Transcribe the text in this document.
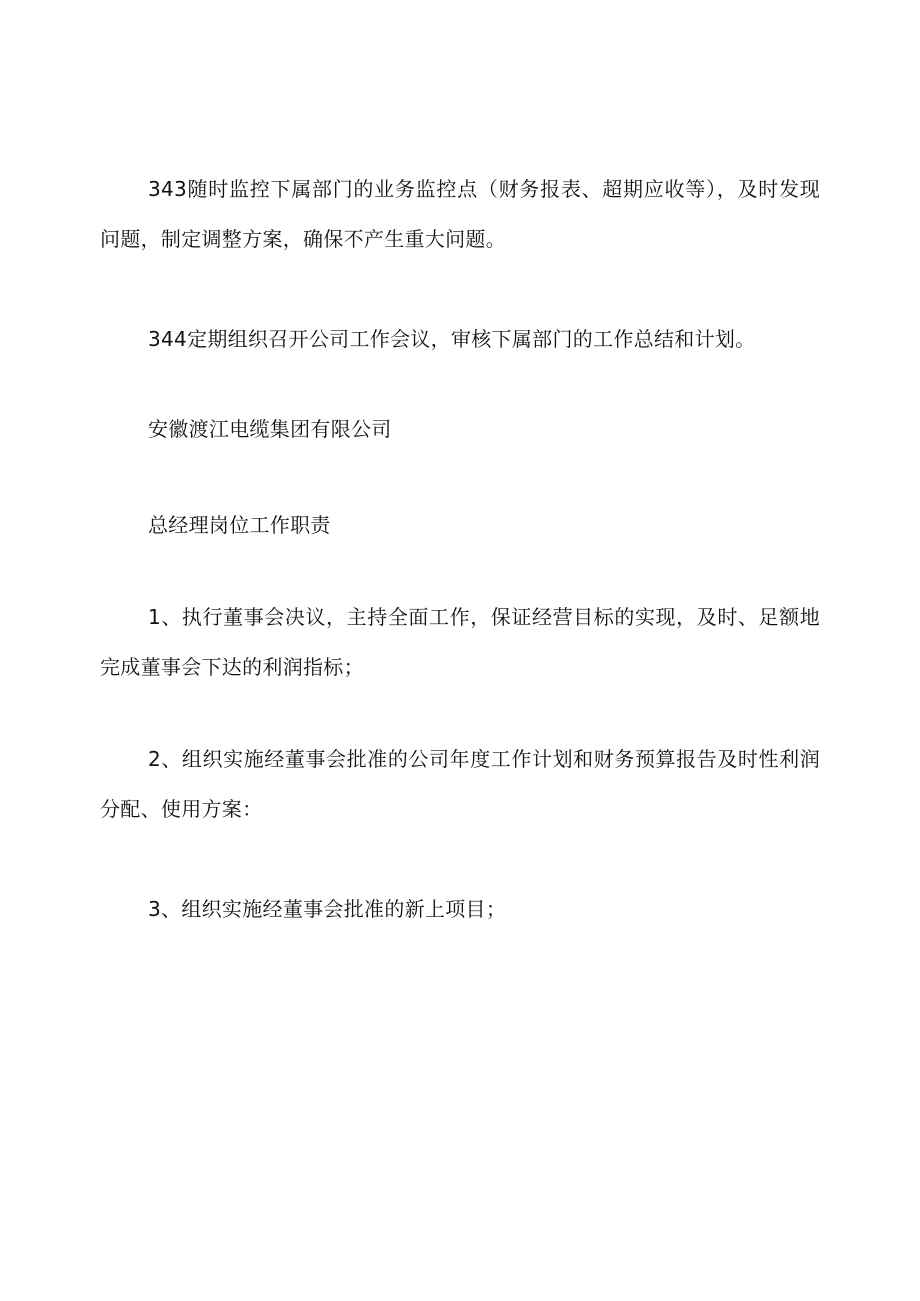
343随时监控下属部门的业务监控点（财务报表、超期应收等），及时发现问题，制定调整方案，确保不产生重大问题。

344定期组织召开公司工作会议，审核下属部门的工作总结和计划。

安徽渡江电缆集团有限公司

总经理岗位工作职责

1、执行董事会决议，主持全面工作，保证经营目标的实现，及时、足额地完成董事会下达的利润指标；

2、组织实施经董事会批准的公司年度工作计划和财务预算报告及时性利润分配、使用方案：

3、组织实施经董事会批准的新上项目；
